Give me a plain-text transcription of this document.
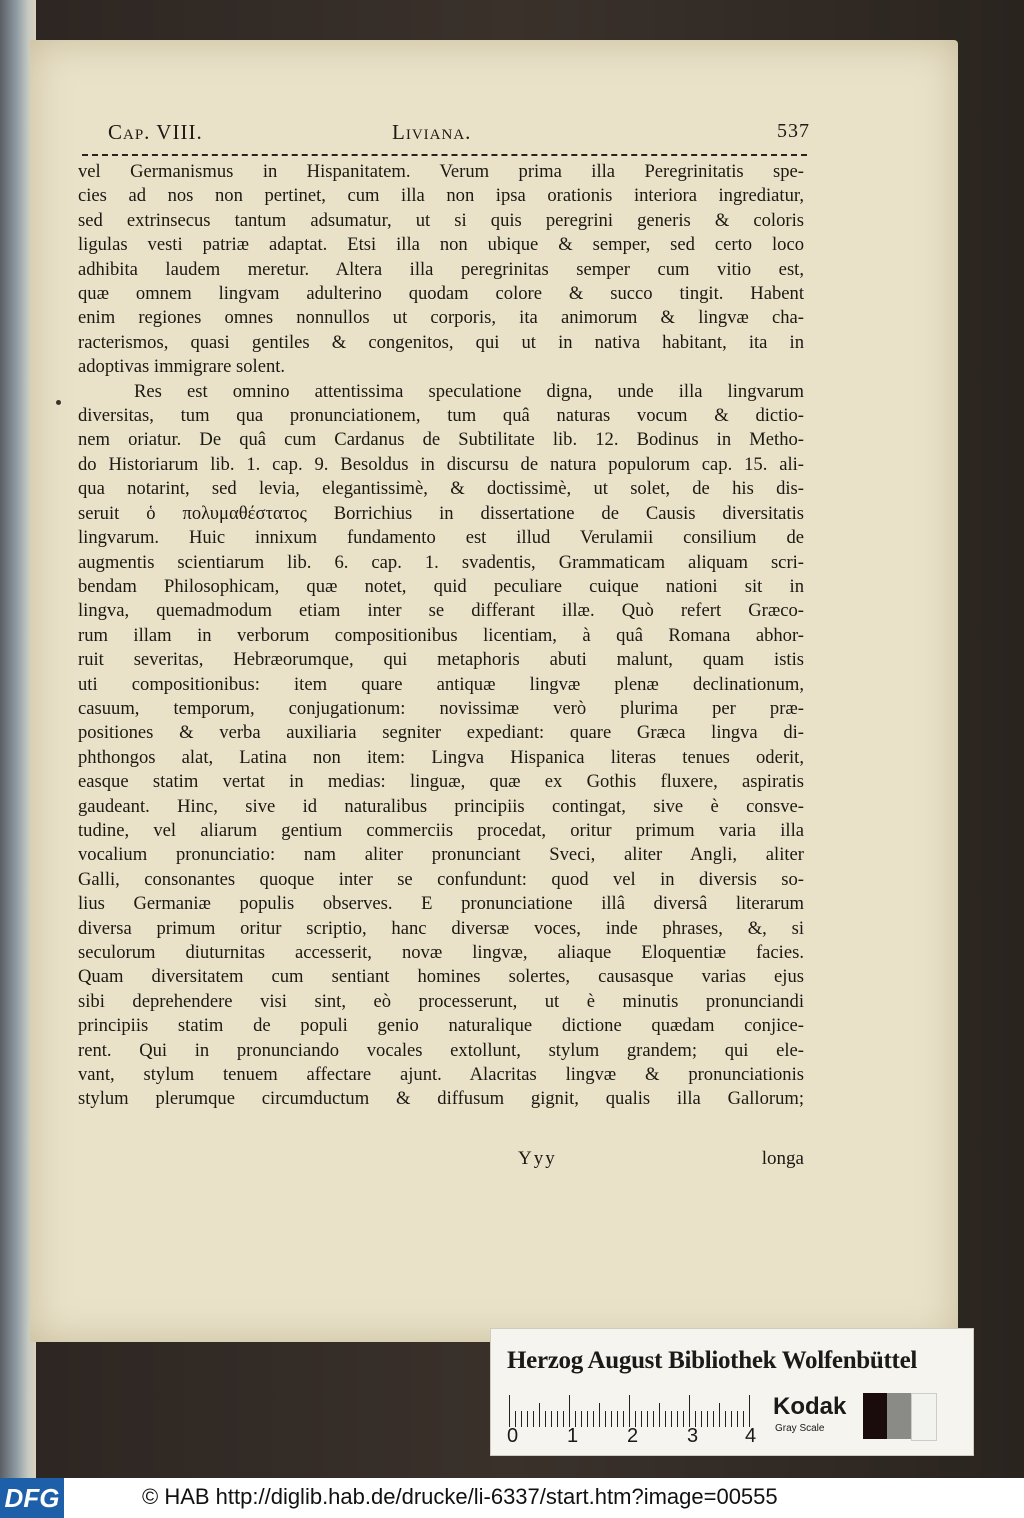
Cap. VIII.	Liviana.	537
vel Germanismus in Hispanitatem. Verum prima illa Peregrinitatis spe-
cies ad nos non pertinet, cum illa non ipsa orationis interiora ingrediatur,
sed extrinsecus tantum adsumatur, ut si quis peregrini generis & coloris
ligulas vesti patriæ adaptat. Etsi illa non ubique & semper, sed certo loco
adhibita laudem meretur. Altera illa peregrinitas semper cum vitio est,
quæ omnem lingvam adulterino quodam colore & succo tingit. Habent
enim regiones omnes nonnullos ut corporis, ita animorum & lingvæ cha-
racterismos, quasi gentiles & congenitos, qui ut in nativa habitant, ita in
adoptivas immigrare solent.
Res est omnino attentissima speculatione digna, unde illa lingvarum
diversitas, tum qua pronunciationem, tum quâ naturas vocum & dictio-
nem oriatur. De quâ cum Cardanus de Subtilitate lib. 12. Bodinus in Metho-
do Historiarum lib. 1. cap. 9. Besoldus in discursu de natura populorum cap. 15. ali-
qua notarint, sed levia, elegantissimè, & doctissimè, ut solet, de his dis-
seruit ὁ πολυμαθέστατος Borrichius in dissertatione de Causis diversitatis
lingvarum. Huic innixum fundamento est illud Verulamii consilium de
augmentis scientiarum lib. 6. cap. 1. svadentis, Grammaticam aliquam scri-
bendam Philosophicam, quæ notet, quid peculiare cuique nationi sit in
lingva, quemadmodum etiam inter se differant illæ. Quò refert Græco-
rum illam in verborum compositionibus licentiam, à quâ Romana abhor-
ruit severitas, Hebræorumque, qui metaphoris abuti malunt, quam istis
uti compositionibus: item quare antiquæ lingvæ plenæ declinationum,
casuum, temporum, conjugationum: novissimæ verò plurima per præ-
positiones & verba auxiliaria segniter expediant: quare Græca lingva di-
phthongos alat, Latina non item: Lingva Hispanica literas tenues oderit,
easque statim vertat in medias: linguæ, quæ ex Gothis fluxere, aspiratis
gaudeant. Hinc, sive id naturalibus principiis contingat, sive è consve-
tudine, vel aliarum gentium commerciis procedat, oritur primum varia illa
vocalium pronunciatio: nam aliter pronunciant Sveci, aliter Angli, aliter
Galli, consonantes quoque inter se confundunt: quod vel in diversis so-
lius Germaniæ populis observes. E pronunciatione illâ diversâ literarum
diversa primum oritur scriptio, hanc diversæ voces, inde phrases, &, si
seculorum diuturnitas accesserit, novæ lingvæ, aliaque Eloquentiæ facies.
Quam diversitatem cum sentiant homines solertes, causasque varias ejus
sibi deprehendere visi sint, eò processerunt, ut è minutis pronunciandi
principiis statim de populi genio naturalique dictione quædam conjice-
rent. Qui in pronunciando vocales extollunt, stylum grandem; qui ele-
vant, stylum tenuem affectare ajunt. Alacritas lingvæ & pronunciationis
stylum plerumque circumductum & diffusum gignit, qualis illa Gallorum;
Yyy	longa
Herzog August Bibliothek Wolfenbüttel
0 1 2 3 4
Kodak
Gray Scale
DFG	© HAB http://diglib.hab.de/drucke/li-6337/start.htm?image=00555
